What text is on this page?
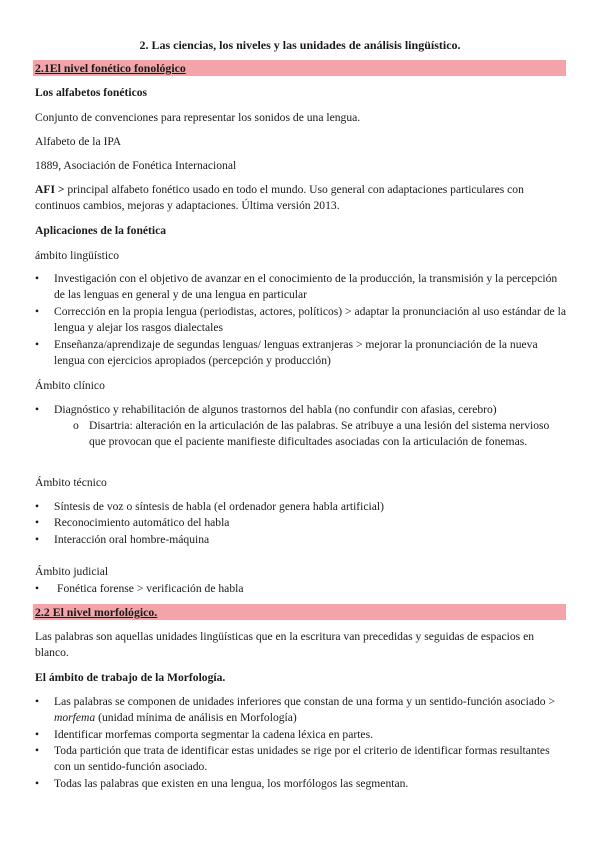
2. Las ciencias, los niveles y las unidades de análisis lingüístico.
2.1El nivel fonético fonológico
Los alfabetos fonéticos
Conjunto de convenciones para representar los sonidos de una lengua.
Alfabeto de la IPA
1889, Asociación de Fonética Internacional
AFI > principal alfabeto fonético usado en todo el mundo. Uso general con adaptaciones particulares con continuos cambios, mejoras y adaptaciones. Última versión 2013.
Aplicaciones de la fonética
ámbito lingüístico
• Investigación con el objetivo de avanzar en el conocimiento de la producción, la transmisión y la percepción de las lenguas en general y de una lengua en particular
• Corrección en la propia lengua (periodistas, actores, políticos) > adaptar la pronunciación al uso estándar de la lengua y alejar los rasgos dialectales
• Enseñanza/aprendizaje de segundas lenguas/ lenguas extranjeras > mejorar la pronunciación de la nueva lengua con ejercicios apropiados (percepción y producción)
Ámbito clínico
• Diagnóstico y rehabilitación de algunos trastornos del habla (no confundir con afasias, cerebro)
o Disartria: alteración en la articulación de las palabras. Se atribuye a una lesión del sistema nervioso que provocan que el paciente manifieste dificultades asociadas con la articulación de fonemas.
Ámbito técnico
• Síntesis de voz o síntesis de habla (el ordenador genera habla artificial)
• Reconocimiento automático del habla
• Interacción oral hombre-máquina
Ámbito judicial
• Fonética forense > verificación de habla
2.2 El nivel morfológico.
Las palabras son aquellas unidades lingüísticas que en la escritura van precedidas y seguidas de espacios en blanco.
El ámbito de trabajo de la Morfología.
• Las palabras se componen de unidades inferiores que constan de una forma y un sentido-función asociado > morfema (unidad mínima de análisis en Morfología)
• Identificar morfemas comporta segmentar la cadena léxica en partes.
• Toda partición que trata de identificar estas unidades se rige por el criterio de identificar formas resultantes con un sentido-función asociado.
• Todas las palabras que existen en una lengua, los morfólogos las segmentan.
